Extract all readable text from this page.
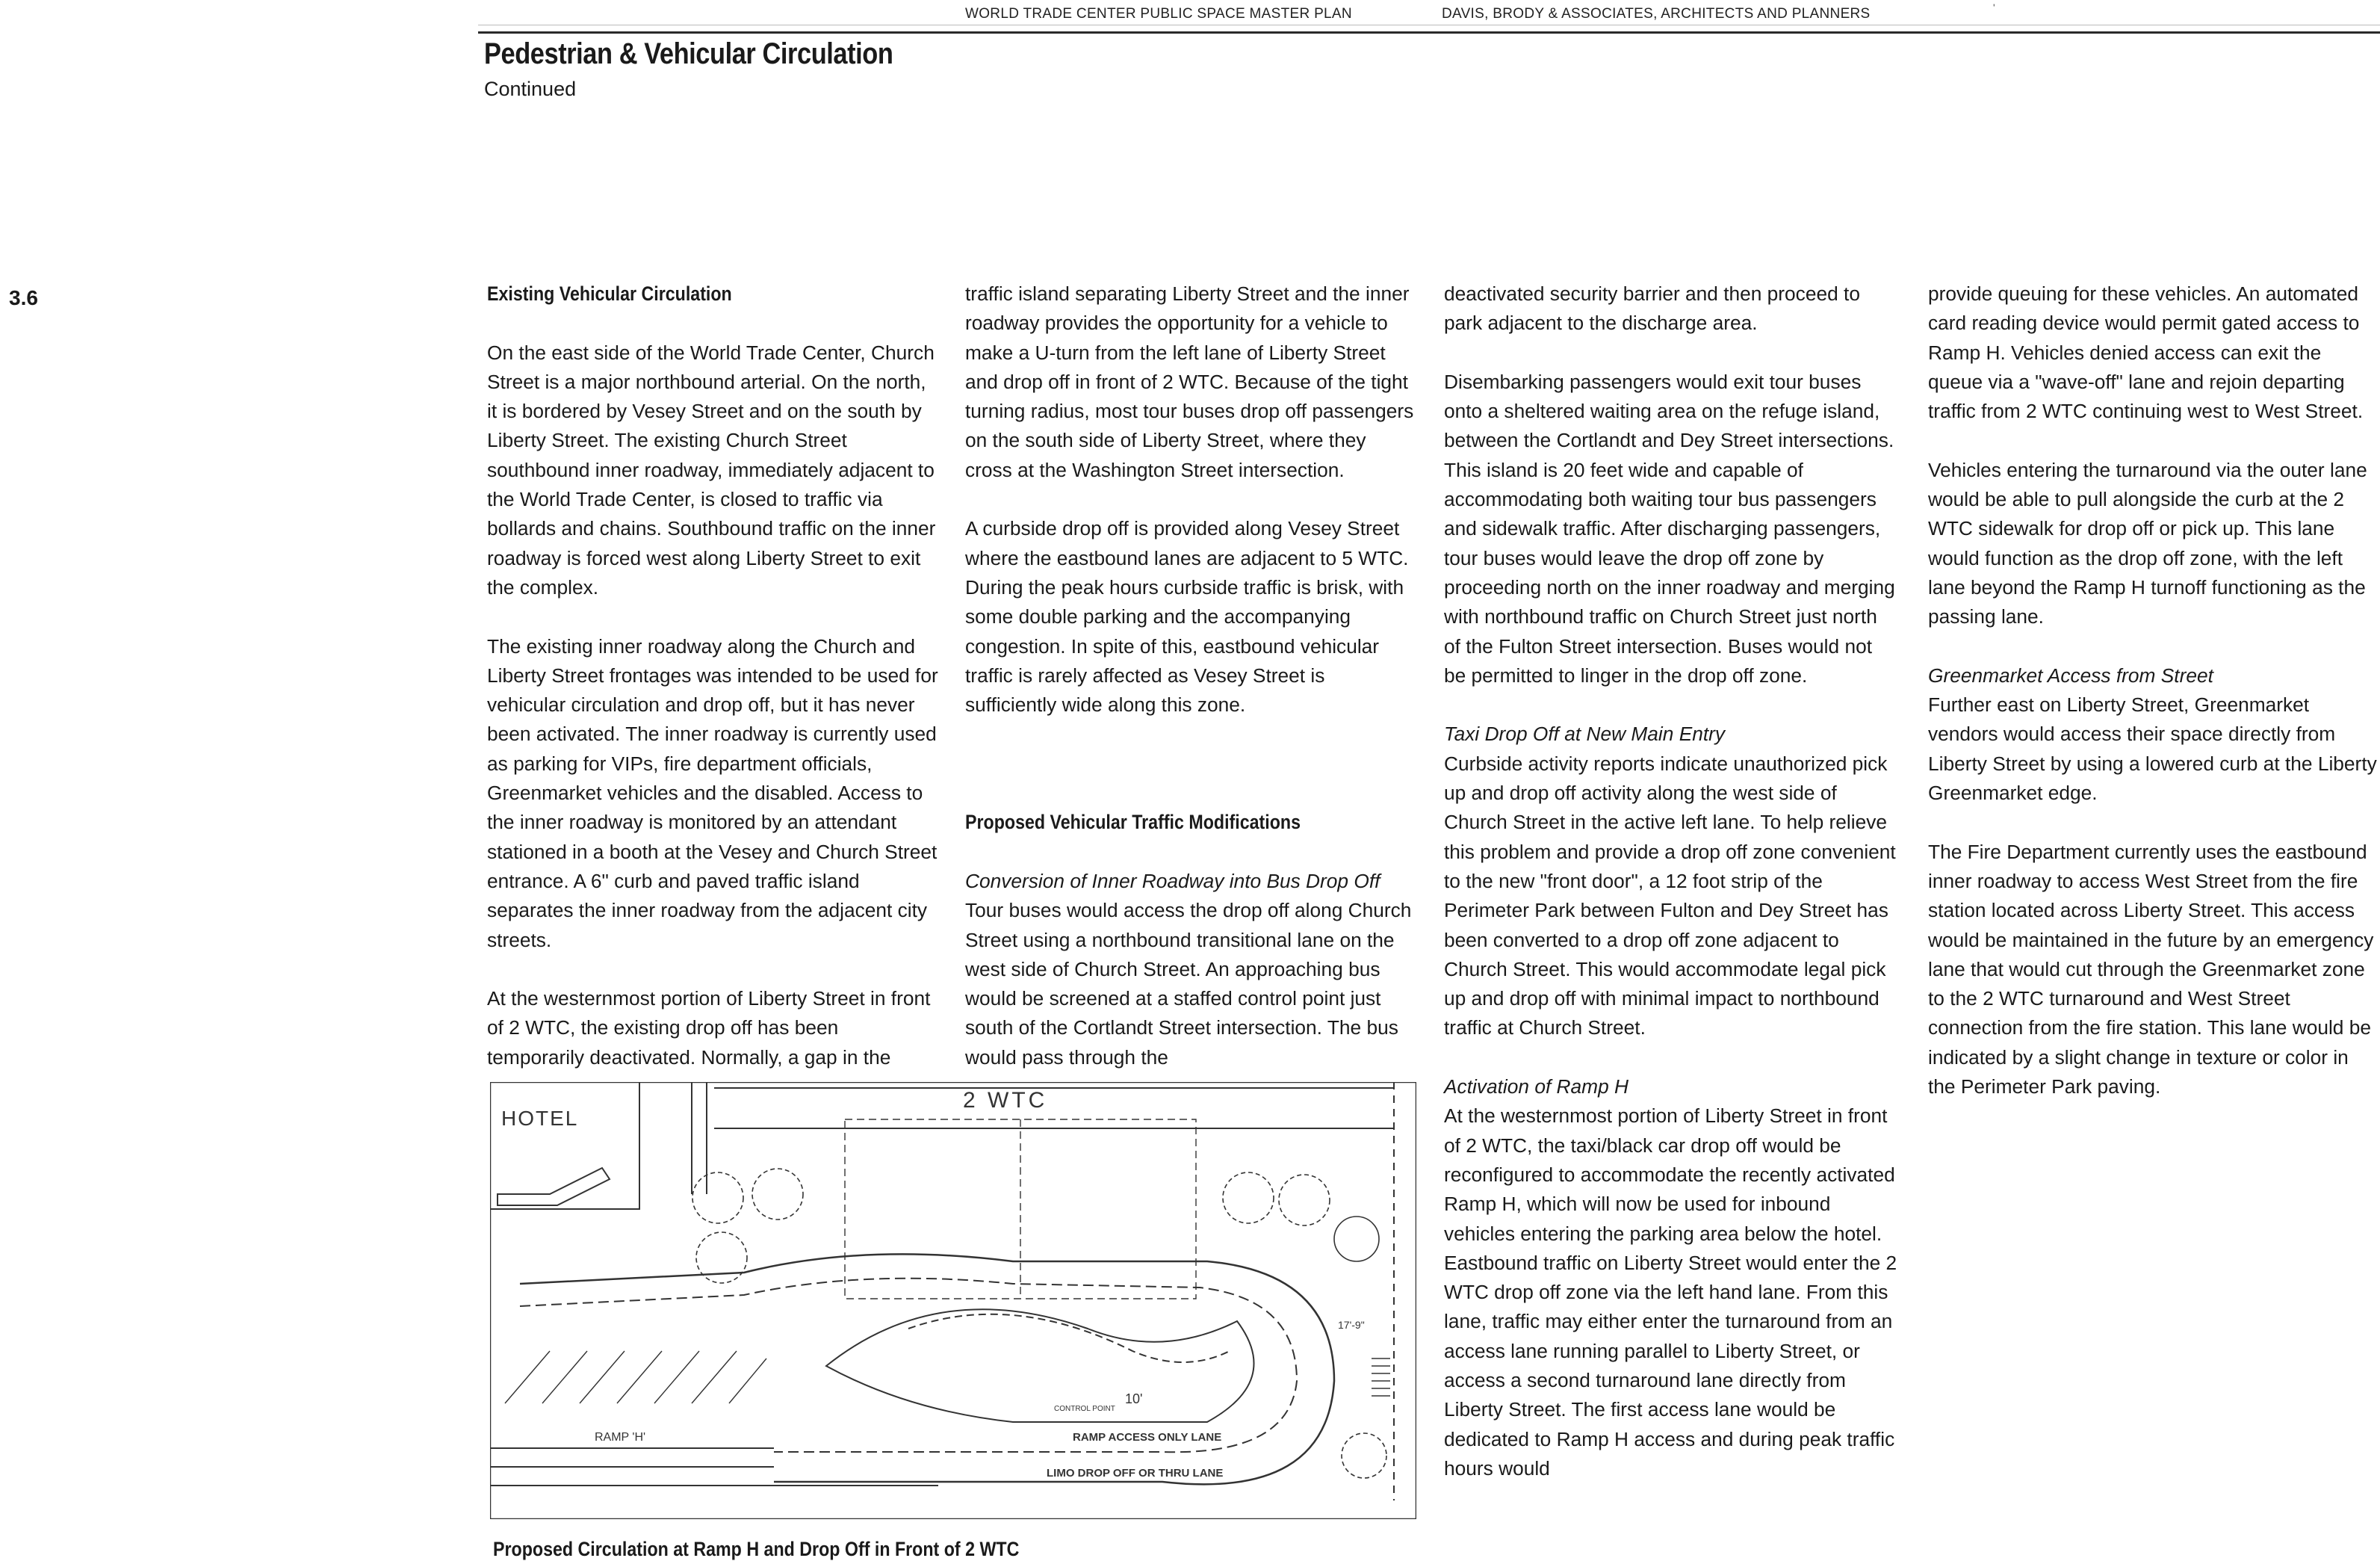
WORLD TRADE CENTER PUBLIC SPACE MASTER PLAN	DAVIS, BRODY & ASSOCIATES, ARCHITECTS AND PLANNERS	'
Pedestrian & Vehicular Circulation
Continued
3.6	Existing Vehicular Circulation

On the east side of the World Trade Center, Church Street is a major northbound arterial. On the north, it is bordered by Vesey Street and on the south by Liberty Street. The existing Church Street southbound inner roadway, immediately adjacent to the World Trade Center, is closed to traffic via bollards and chains. Southbound traffic on the inner roadway is forced west along Liberty Street to exit the complex.

The existing inner roadway along the Church and Liberty Street frontages was intended to be used for vehicular circulation and drop off, but it has never been activated. The inner roadway is currently used as parking for VIPs, fire department officials, Greenmarket vehicles and the disabled. Access to the inner roadway is monitored by an attendant stationed in a booth at the Vesey and Church Street entrance. A 6" curb and paved traffic island separates the inner roadway from the adjacent city streets.

At the westernmost portion of Liberty Street in front of 2 WTC, the existing drop off has been temporarily deactivated. Normally, a gap in the

traffic island separating Liberty Street and the inner roadway provides the opportunity for a vehicle to make a U-turn from the left lane of Liberty Street and drop off in front of 2 WTC. Because of the tight turning radius, most tour buses drop off passengers on the south side of Liberty Street, where they cross at the Washington Street intersection.

A curbside drop off is provided along Vesey Street where the eastbound lanes are adjacent to 5 WTC. During the peak hours curbside traffic is brisk, with some double parking and the accompanying congestion. In spite of this, eastbound vehicular traffic is rarely affected as Vesey Street is sufficiently wide along this zone.

Proposed Vehicular Traffic Modifications

Conversion of Inner Roadway into Bus Drop Off
Tour buses would access the drop off along Church Street using a northbound transitional lane on the west side of Church Street. An approaching bus would be screened at a staffed control point just south of the Cortlandt Street intersection. The bus would pass through the

deactivated security barrier and then proceed to park adjacent to the discharge area.

Disembarking passengers would exit tour buses onto a sheltered waiting area on the refuge island, between the Cortlandt and Dey Street intersections. This island is 20 feet wide and capable of accommodating both waiting tour bus passengers and sidewalk traffic. After discharging passengers, tour buses would leave the drop off zone by proceeding north on the inner roadway and merging with northbound traffic on Church Street just north of the Fulton Street intersection. Buses would not be permitted to linger in the drop off zone.

Taxi Drop Off at New Main Entry
Curbside activity reports indicate unauthorized pick up and drop off activity along the west side of Church Street in the active left lane. To help relieve this problem and provide a drop off zone convenient to the new "front door", a 12 foot strip of the Perimeter Park between Fulton and Dey Street has been converted to a drop off zone adjacent to Church Street. This would accommodate legal pick up and drop off with minimal impact to northbound traffic at Church Street.

Activation of Ramp H
At the westernmost portion of Liberty Street in front of 2 WTC, the taxi/black car drop off would be reconfigured to accommodate the recently activated Ramp H, which will now be used for inbound vehicles entering the parking area below the hotel. Eastbound traffic on Liberty Street would enter the 2 WTC drop off zone via the left hand lane. From this lane, traffic may either enter the turnaround from an access lane running parallel to Liberty Street, or access a second turnaround lane directly from Liberty Street. The first access lane would be dedicated to Ramp H access and during peak traffic hours would

provide queuing for these vehicles. An automated card reading device would permit gated access to Ramp H. Vehicles denied access can exit the queue via a "wave-off" lane and rejoin departing traffic from 2 WTC continuing west to West Street.

Vehicles entering the turnaround via the outer lane would be able to pull alongside the curb at the 2 WTC sidewalk for drop off or pick up. This lane would function as the drop off zone, with the left lane beyond the Ramp H turnoff functioning as the passing lane.

Greenmarket Access from Street
Further east on Liberty Street, Greenmarket vendors would access their space directly from Liberty Street by using a lowered curb at the Liberty Greenmarket edge.

The Fire Department currently uses the eastbound inner roadway to access West Street from the fire station located across Liberty Street. This access would be maintained in the future by an emergency lane that would cut through the Greenmarket zone to the 2 WTC turnaround and West Street connection from the fire station. This lane would be indicated by a slight change in texture or color in the Perimeter Park paving.

2 WTC
HOTEL
RAMP 'H'
CONTROL POINT
10'
17'-9"
RAMP ACCESS ONLY LANE
LIMO DROP OFF OR THRU LANE
Proposed Circulation at Ramp H and Drop Off in Front of 2 WTC
